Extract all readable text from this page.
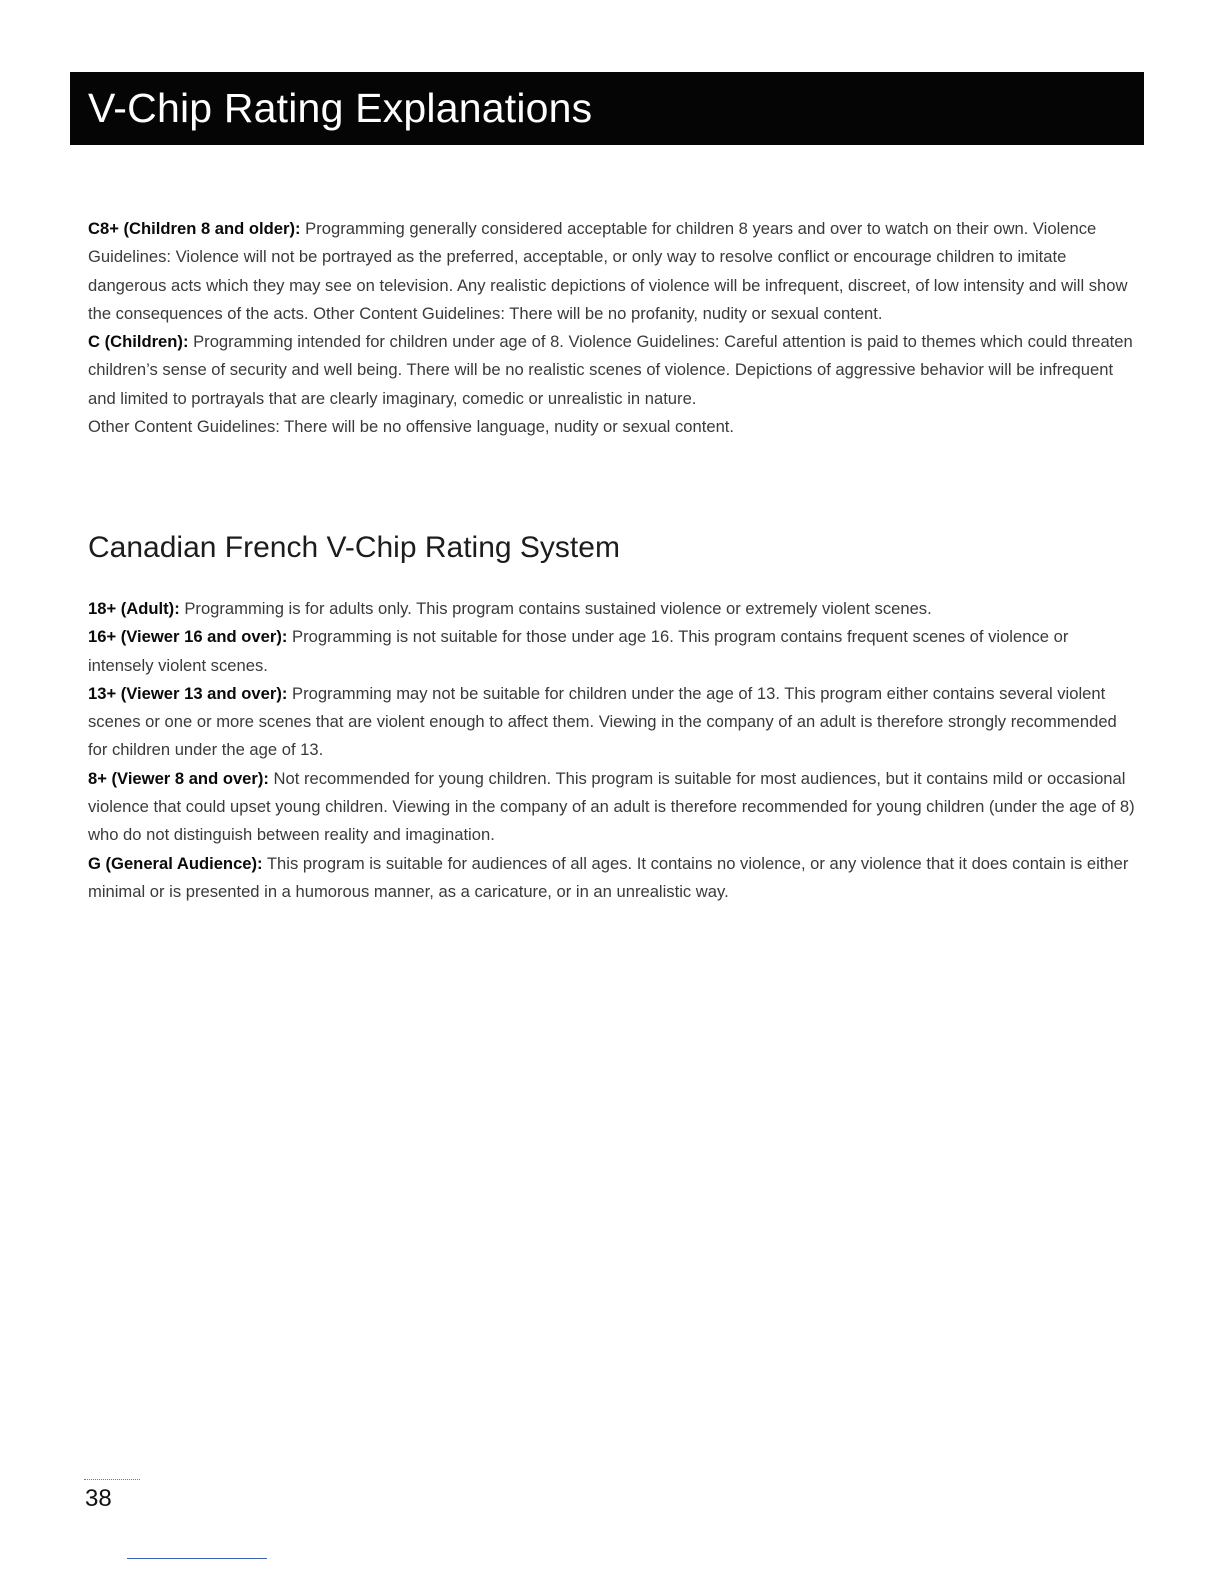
V-Chip Rating Explanations

C8+ (Children 8 and older): Programming generally considered acceptable for children 8 years and over to watch on their own. Violence Guidelines: Violence will not be portrayed as the preferred, acceptable, or only way to resolve conflict or encourage children to imitate dangerous acts which they may see on television. Any realistic depictions of violence will be infrequent, discreet, of low intensity and will show the consequences of the acts. Other Content Guidelines: There will be no profanity, nudity or sexual content.

C (Children): Programming intended for children under age of 8. Violence Guidelines: Careful attention is paid to themes which could threaten children’s sense of security and well being. There will be no realistic scenes of violence. Depictions of aggressive behavior will be infrequent and limited to portrayals that are clearly imaginary, comedic or unrealistic in nature.

Other Content Guidelines: There will be no offensive language, nudity or sexual content.

Canadian French V-Chip Rating System

18+ (Adult): Programming is for adults only. This program contains sustained violence or extremely violent scenes.

16+ (Viewer 16 and over): Programming is not suitable for those under age 16. This program contains frequent scenes of violence or intensely violent scenes.

13+ (Viewer 13 and over): Programming may not be suitable for children under the age of 13. This program either contains several violent scenes or one or more scenes that are violent enough to affect them. Viewing in the company of an adult is therefore strongly recommended for children under the age of 13.

8+ (Viewer 8 and over): Not recommended for young children. This program is suitable for most audiences, but it contains mild or occasional violence that could upset young children. Viewing in the company of an adult is therefore recommended for young children (under the age of 8) who do not distinguish between reality and imagination.

G (General Audience): This program is suitable for audiences of all ages. It contains no violence, or any violence that it does contain is either minimal or is presented in a humorous manner, as a caricature, or in an unrealistic way.

38
